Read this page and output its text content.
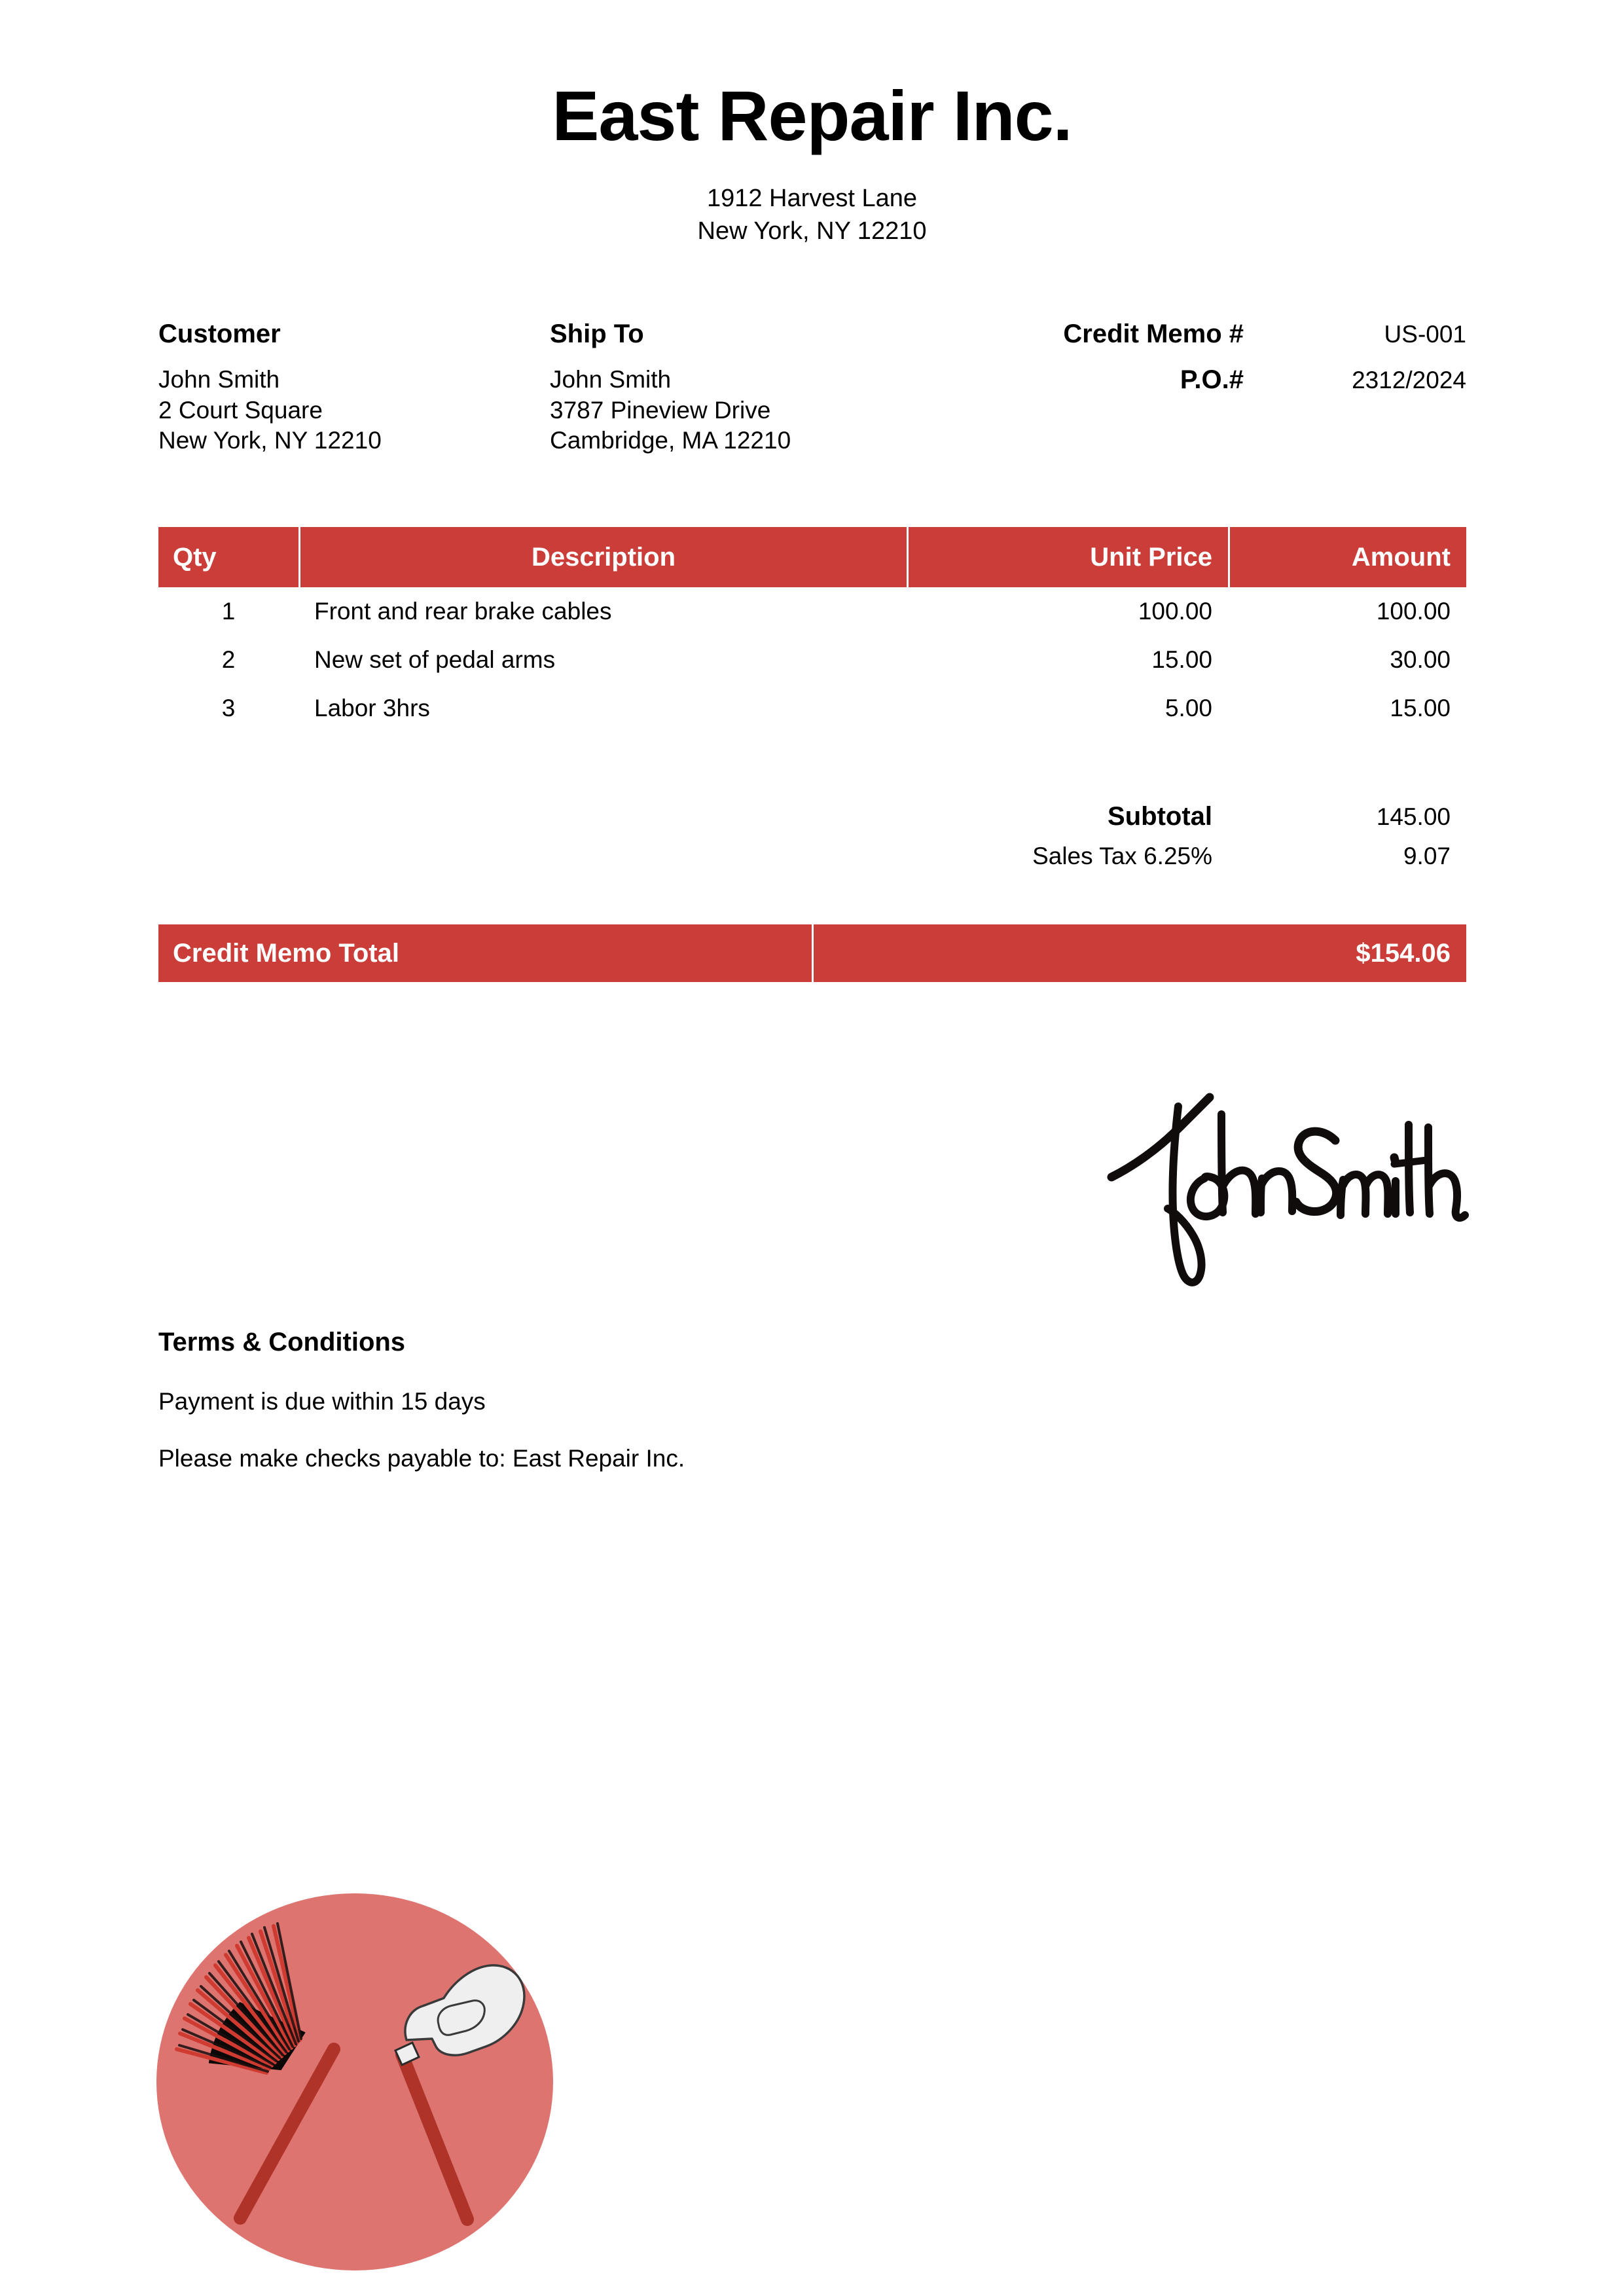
East Repair Inc.
1912 Harvest Lane
New York, NY 12210
Customer
John Smith
2 Court Square
New York, NY 12210
Ship To
John Smith
3787 Pineview Drive
Cambridge, MA 12210
Credit Memo #	US-001
P.O.#	2312/2024
Qty	Description	Unit Price	Amount
1	Front and rear brake cables	100.00	100.00
2	New set of pedal arms	15.00	30.00
3	Labor 3hrs	5.00	15.00
Subtotal	145.00
Sales Tax 6.25%	9.07
Credit Memo Total	$154.06
Terms & Conditions
Payment is due within 15 days
Please make checks payable to: East Repair Inc.
